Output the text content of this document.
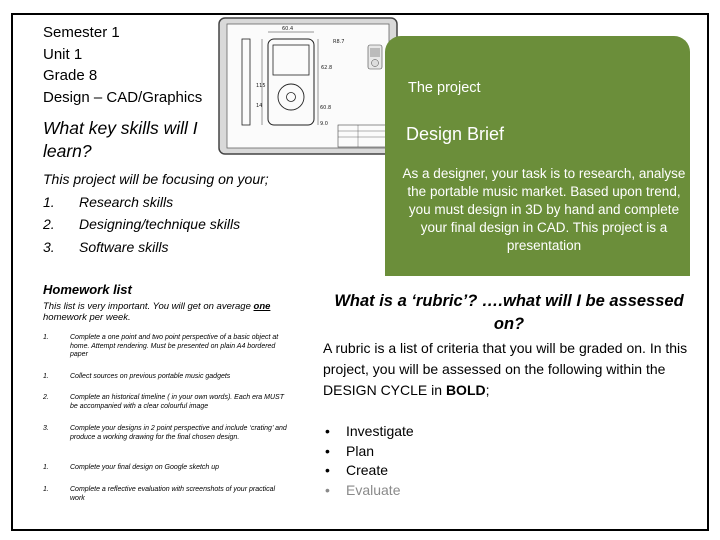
Semester 1
Unit 1
Grade 8
Design – CAD/Graphics
60.4
R8.7
62.8
115
60.8
14
9.0
What key skills will I learn?
This project will be focusing on your;
1.	Research skills
2.	Designing/technique skills
3.	Software skills
Homework list
This list is very important. You will get on average one homework per week.
1.	Complete a one point and two point perspective of a basic object at home. Attempt rendering. Must be presented on plain A4 bordered paper
1.	Collect sources on previous portable music gadgets
2.	Complete an historical timeline ( in your own words). Each era MUST be accompanied with a clear colourful image
3.	Complete your designs in 2 point perspective and include ‘crating’ and produce a working drawing for the final chosen design.
1.	Complete your final design on Google sketch up
1.	Complete a reflective evaluation with screenshots of your practical work
The project
Design Brief
As a designer, your task is to research, analyse the portable music market. Based upon trend, you must design in 3D by hand and complete your final design in CAD. This project is a presentation
What is a ‘rubric’? ….what will I be assessed on?
A rubric is a list of criteria that you will be graded on. In this project, you will be assessed on the following within the DESIGN CYCLE in BOLD;
•	Investigate
•	Plan
•	Create
•	Evaluate
